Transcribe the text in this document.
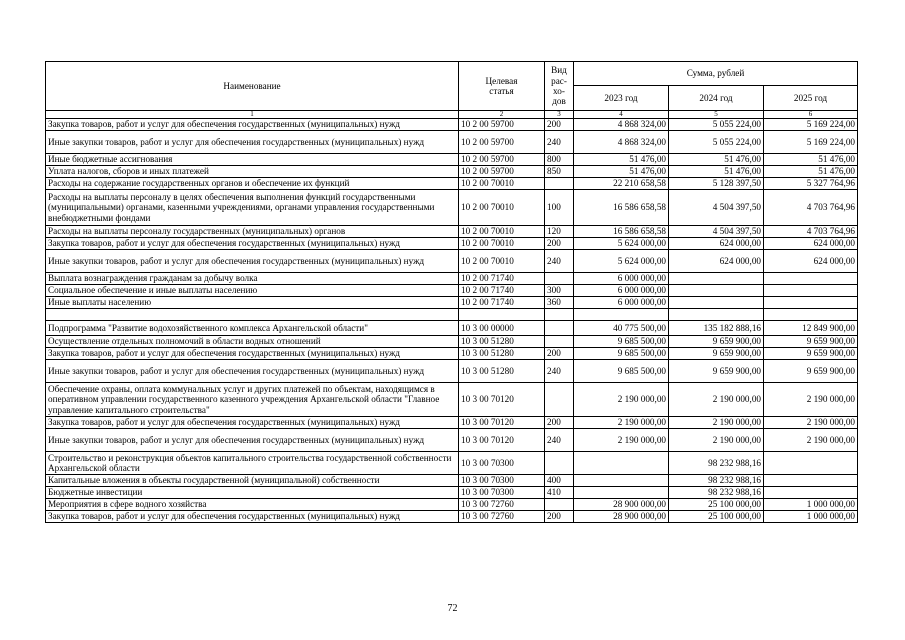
Наименование	Целевая статья	Вид рас-хо-дов	Сумма, рублей		
			2023 год	2024 год	2025 год
1	2	3	4	5	6
Закупка товаров, работ и услуг для обеспечения государственных (муниципальных) нужд	10 2 00 59700	200	4 868 324,00	5 055 224,00	5 169 224,00
Иные закупки товаров, работ и услуг для обеспечения государственных (муниципальных) нужд	10 2 00 59700	240	4 868 324,00	5 055 224,00	5 169 224,00
Иные бюджетные ассигнования	10 2 00 59700	800	51 476,00	51 476,00	51 476,00
Уплата налогов, сборов и иных платежей	10 2 00 59700	850	51 476,00	51 476,00	51 476,00
Расходы на содержание государственных органов и обеспечение их функций	10 2 00 70010		22 210 658,58	5 128 397,50	5 327 764,96
Расходы на выплаты персоналу в целях обеспечения выполнения функций государственными (муниципальными) органами, казенными учреждениями, органами управления государственными внебюджетными фондами	10 2 00 70010	100	16 586 658,58	4 504 397,50	4 703 764,96
Расходы на выплаты персоналу государственных (муниципальных) органов	10 2 00 70010	120	16 586 658,58	4 504 397,50	4 703 764,96
Закупка товаров, работ и услуг для обеспечения государственных (муниципальных) нужд	10 2 00 70010	200	5 624 000,00	624 000,00	624 000,00
Иные закупки товаров, работ и услуг для обеспечения государственных (муниципальных) нужд	10 2 00 70010	240	5 624 000,00	624 000,00	624 000,00
Выплата вознаграждения гражданам за добычу волка	10 2 00 71740		6 000 000,00		
Социальное обеспечение и иные выплаты населению	10 2 00 71740	300	6 000 000,00		
Иные выплаты населению	10 2 00 71740	360	6 000 000,00		

Подпрограмма "Развитие водохозяйственного комплекса Архангельской области"	10 3 00 00000		40 775 500,00	135 182 888,16	12 849 900,00
Осуществление отдельных полномочий в области водных отношений	10 3 00 51280		9 685 500,00	9 659 900,00	9 659 900,00
Закупка товаров, работ и услуг для обеспечения государственных (муниципальных) нужд	10 3 00 51280	200	9 685 500,00	9 659 900,00	9 659 900,00
Иные закупки товаров, работ и услуг для обеспечения государственных (муниципальных) нужд	10 3 00 51280	240	9 685 500,00	9 659 900,00	9 659 900,00
Обеспечение охраны, оплата коммунальных услуг и других платежей по объектам, находящимся в оперативном управлении государственного казенного учреждения Архангельской области "Главное управление капитального строительства"	10 3 00 70120		2 190 000,00	2 190 000,00	2 190 000,00
Закупка товаров, работ и услуг для обеспечения государственных (муниципальных) нужд	10 3 00 70120	200	2 190 000,00	2 190 000,00	2 190 000,00
Иные закупки товаров, работ и услуг для обеспечения государственных (муниципальных) нужд	10 3 00 70120	240	2 190 000,00	2 190 000,00	2 190 000,00
Строительство и реконструкция объектов капитального строительства государственной собственности Архангельской области	10 3 00 70300			98 232 988,16	
Капитальные вложения в объекты государственной (муниципальной) собственности	10 3 00 70300	400		98 232 988,16	
Бюджетные инвестиции	10 3 00 70300	410		98 232 988,16	
Мероприятия в сфере водного хозяйства	10 3 00 72760		28 900 000,00	25 100 000,00	1 000 000,00
Закупка товаров, работ и услуг для обеспечения государственных (муниципальных) нужд	10 3 00 72760	200	28 900 000,00	25 100 000,00	1 000 000,00
72
